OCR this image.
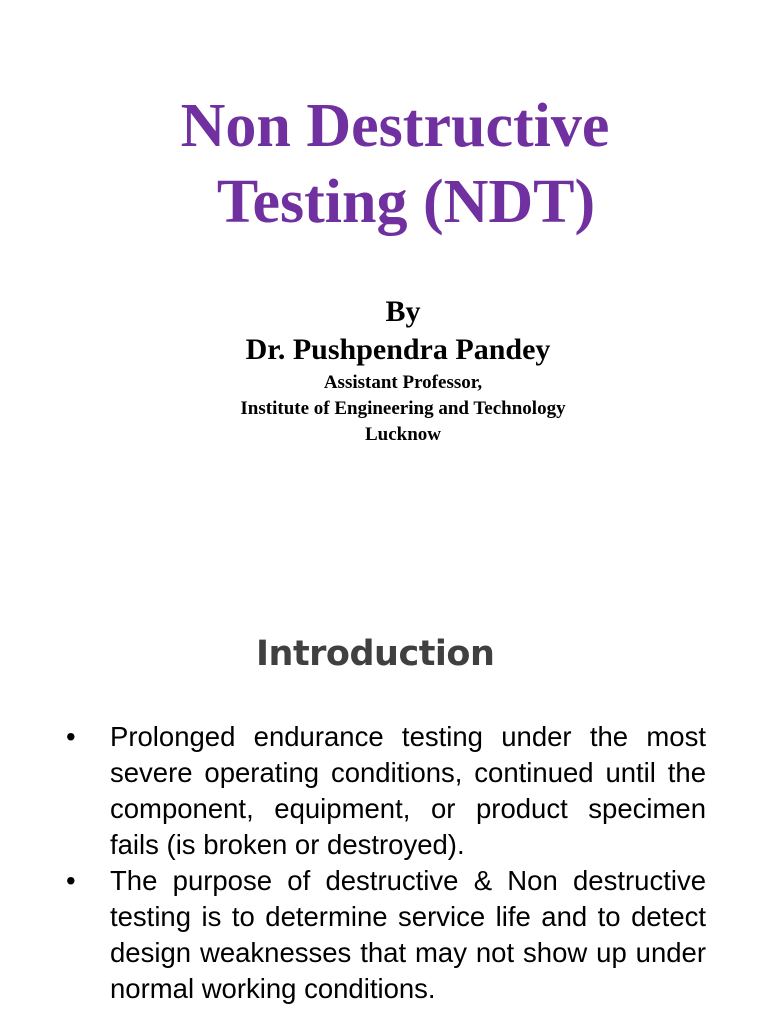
Non Destructive
Testing (NDT)
By
Dr. Pushpendra Pandey
Assistant Professor,
Institute of Engineering and Technology
Lucknow
Introduction
• Prolonged endurance testing under the most severe operating conditions, continued until the component, equipment, or product specimen fails (is broken or destroyed).
• The purpose of destructive & Non destructive testing is to determine service life and to detect design weaknesses that may not show up under normal working conditions.
